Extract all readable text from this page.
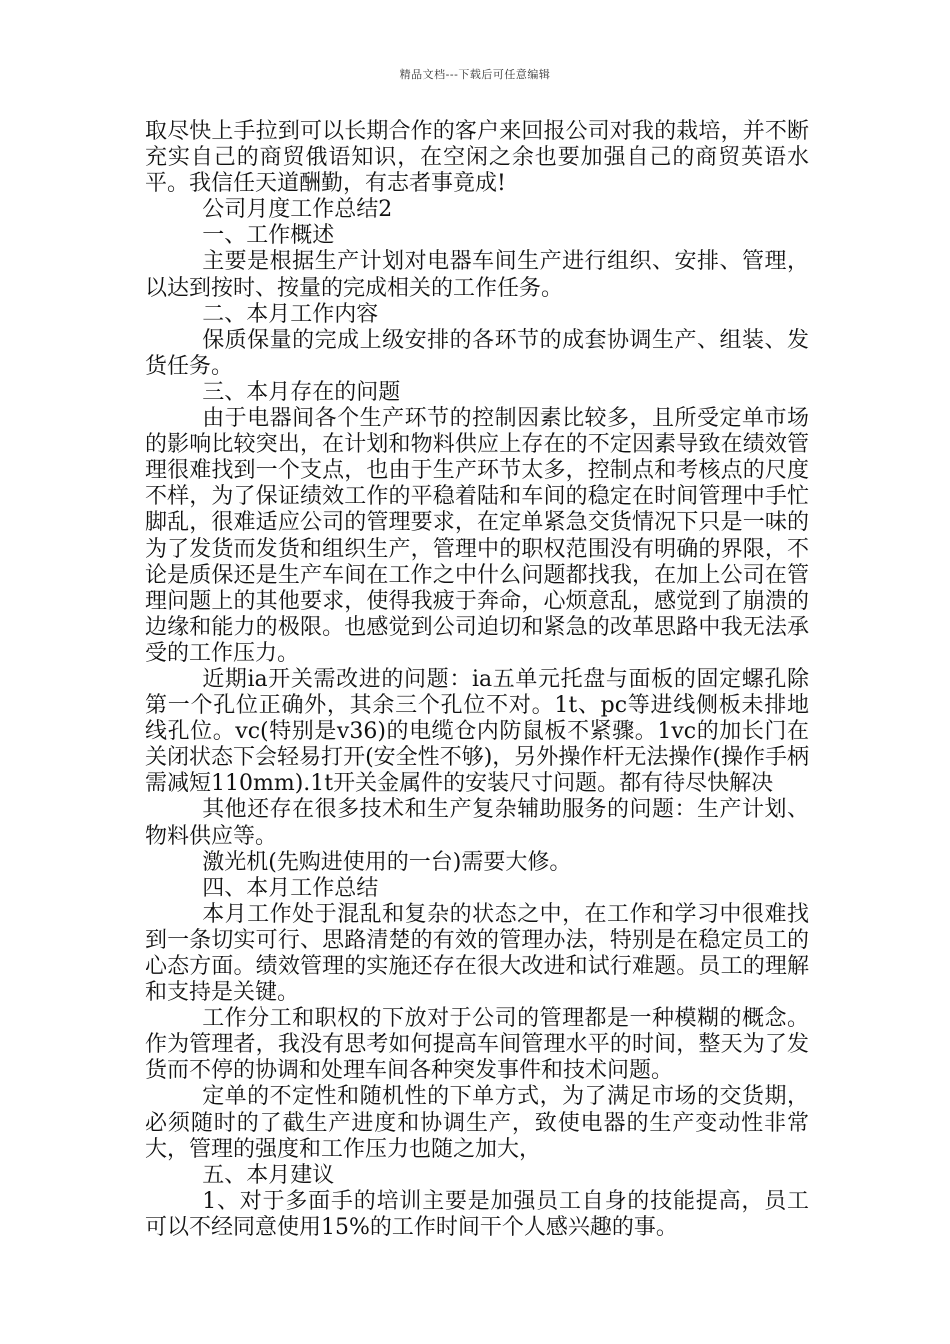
精品文档---下载后可任意编辑

取尽快上手拉到可以长期合作的客户来回报公司对我的栽培，并不断充实自己的商贸俄语知识，在空闲之余也要加强自己的商贸英语水平。我信任天道酬勤，有志者事竟成!

公司月度工作总结2

一、工作概述

主要是根据生产计划对电器车间生产进行组织、安排、管理，以达到按时、按量的完成相关的工作任务。

二、本月工作内容

保质保量的完成上级安排的各环节的成套协调生产、组装、发货任务。

三、本月存在的问题

由于电器间各个生产环节的控制因素比较多，且所受定单市场的影响比较突出，在计划和物料供应上存在的不定因素导致在绩效管理很难找到一个支点，也由于生产环节太多，控制点和考核点的尺度不样，为了保证绩效工作的平稳着陆和车间的稳定在时间管理中手忙脚乱，很难适应公司的管理要求，在定单紧急交货情况下只是一味的为了发货而发货和组织生产，管理中的职权范围没有明确的界限，不论是质保还是生产车间在工作之中什么问题都找我，在加上公司在管理问题上的其他要求，使得我疲于奔命，心烦意乱，感觉到了崩溃的边缘和能力的极限。也感觉到公司迫切和紧急的改革思路中我无法承受的工作压力。

近期ia开关需改进的问题：ia五单元托盘与面板的固定螺孔除第一个孔位正确外，其余三个孔位不对。1t、pc等进线侧板未排地线孔位。vc(特别是v36)的电缆仓内防鼠板不紧骤。1vc的加长门在关闭状态下会轻易打开(安全性不够)，另外操作杆无法操作(操作手柄需减短110mm).1t开关金属件的安装尺寸问题。都有待尽快解决

其他还存在很多技术和生产复杂辅助服务的问题：生产计划、物料供应等。

激光机(先购进使用的一台)需要大修。

四、本月工作总结

本月工作处于混乱和复杂的状态之中，在工作和学习中很难找到一条切实可行、思路清楚的有效的管理办法，特别是在稳定员工的心态方面。绩效管理的实施还存在很大改进和试行难题。员工的理解和支持是关键。

工作分工和职权的下放对于公司的管理都是一种模糊的概念。作为管理者，我没有思考如何提高车间管理水平的时间，整天为了发货而不停的协调和处理车间各种突发事件和技术问题。

定单的不定性和随机性的下单方式，为了满足市场的交货期，必须随时的了截生产进度和协调生产，致使电器的生产变动性非常大，管理的强度和工作压力也随之加大，

五、本月建议

1、对于多面手的培训主要是加强员工自身的技能提高，员工可以不经同意使用15%的工作时间干个人感兴趣的事。
